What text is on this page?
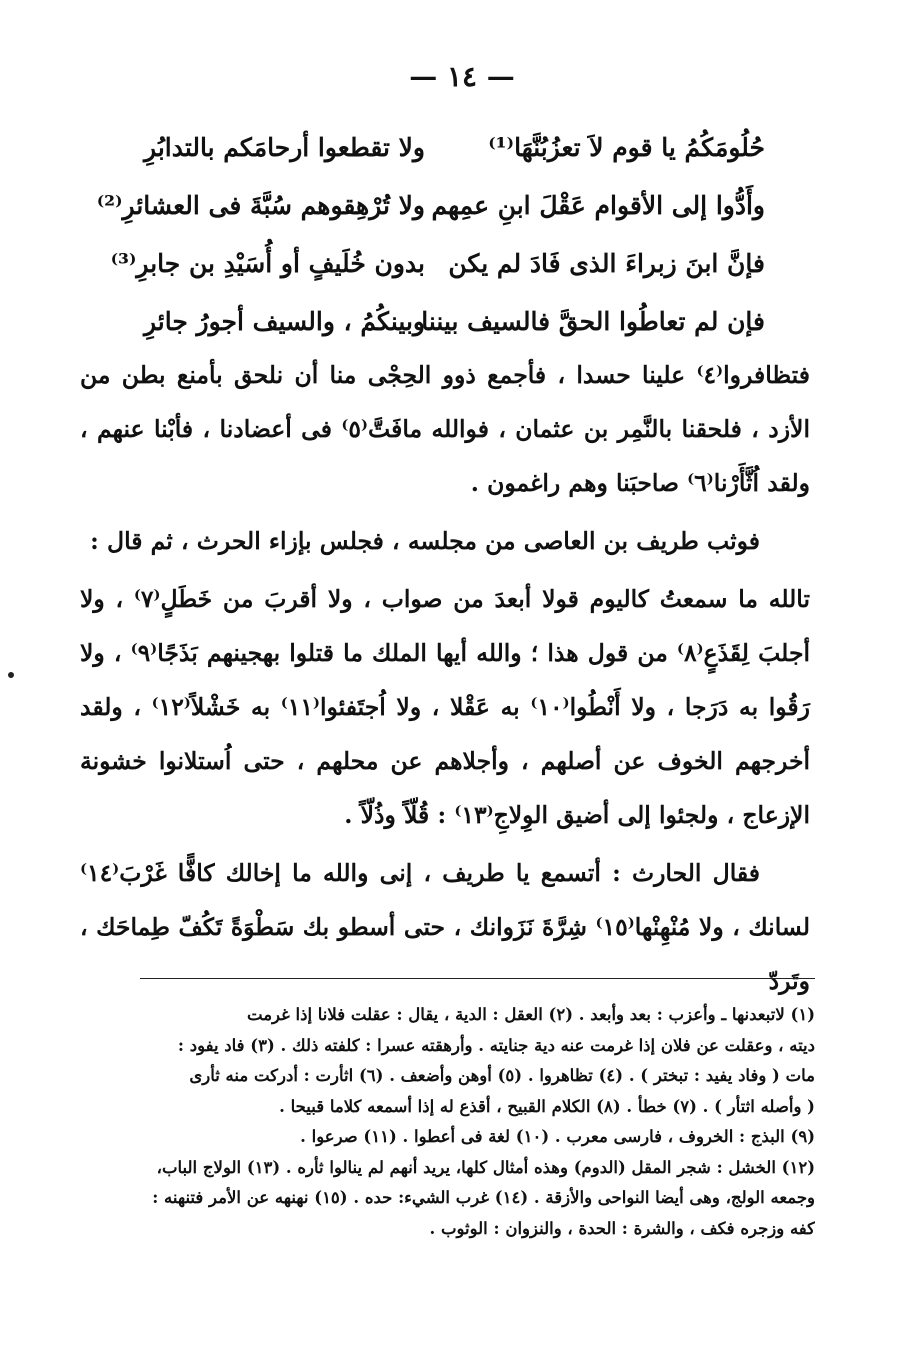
— ١٤ —
حُلُومَكُمُ يا قوم لاَ تعزُبُنَّهَا⁽¹⁾
ولا تقطعوا أرحامَكم بالتدابُرِ
وأَدُّوا إلى الأقوام عَقْلَ ابنِ عمِهم
ولا تُرْهِقوهم سُبَّةَ فى العشائرِ⁽²⁾
فإنَّ ابنَ زبراءَ الذى فَادَ لم يكن
بدون خُلَيفٍ أو أُسَيْدِ بن جابرِ⁽³⁾
فإن لم تعاطُوا الحقَّ فالسيف بيننا
وبينكُمُ ، والسيف أجورُ جائرِ

فتظافروا⁽٤⁾ علينا حسدا ، فأجمع ذوو الحِجْى منا أن نلحق بأمنع بطن من الأزد ، فلحقنا بالنَّمِر بن عثمان ، فوالله مافَتَّ⁽٥⁾ فى أعضادنا ، فأبْنا عنهم ، ولقد اُثَّأَرْنا⁽٦⁾ صاحبَنا وهم راغمون .

فوثب طريف بن العاصى من مجلسه ، فجلس بإزاء الحرث ، ثم قال :

تالله ما سمعتُ كاليوم قولا أبعدَ من صواب ، ولا أقربَ من خَطَلٍ⁽٧⁾ ، ولا أجلبَ لِقَذَعٍ⁽٨⁾ من قول هذا ؛ والله أيها الملك ما قتلوا بهجينهم بَذَجًا⁽٩⁾ ، ولا رَقُوا به دَرَجا ، ولا أَنْطُوا⁽١٠⁾ به عَقْلا ، ولا اُجتَفئوا⁽١١⁾ به خَشْلاً⁽١٢⁾ ، ولقد أخرجهم الخوف عن أصلهم ، وأجلاهم عن محلهم ، حتى اُستلانوا خشونة الإزعاج ، ولجئوا إلى أضيق الوِلاجِ⁽١٣⁾ : قُلّاً وذُلّاً .

فقال الحارث : أتسمع يا طريف ، إنى والله ما إخالك كافًّا غَرْبَ⁽١٤⁾ لسانك ، ولا مُنْهِنْها⁽١٥⁾ شِرَّةَ نَزَوانك ، حتى أسطو بك سَطْوَةً تَكُفّ طِماحَك ، وتَردّ

(١) لاتبعدنها ـ وأعزب : بعد وأبعد . (٢) العقل : الدية ، يقال : عقلت فلانا إذا غرمت

ديته ، وعقلت عن فلان إذا غرمت عنه دية جنايته . وأرهقته عسرا : كلفته ذلك . (٣) فاد يفود :

مات ( وفاد يفيد : تبختر ) . (٤) تظاهروا . (٥) أوهن وأضعف . (٦) اثأرت : أدركت منه ثأرى

( وأصله اثتأر ) . (٧) خطأ . (٨) الكلام القبيح ، أقذع له إذا أسمعه كلاما قبيحا .

(٩) البذج : الخروف ، فارسى معرب . (١٠) لغة فى أعطوا . (١١) صرعوا .

(١٢) الخشل : شجر المقل (الدوم) وهذه أمثال كلها، يريد أنهم لم ينالوا ثأره . (١٣) الولاج الباب،

وجمعه الولج، وهى أيضا النواحى والأزقة . (١٤) غرب الشيء: حده . (١٥) نهنهه عن الأمر فتنهنه :

كفه وزجره فكف ، والشرة : الحدة ، والنزوان : الوثوب .
